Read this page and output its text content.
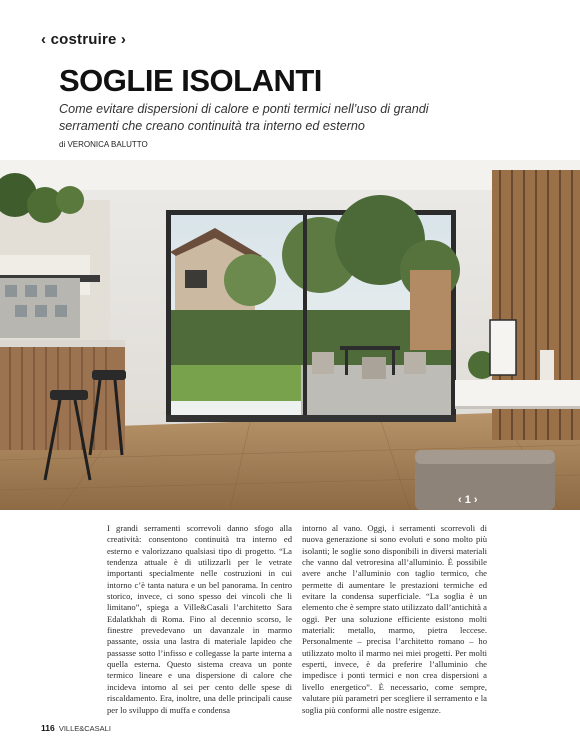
‹ costruire ›
SOGLIE ISOLANTI

Come evitare dispersioni di calore e ponti termici nell’uso di grandi serramenti che creano continuità tra interno ed esterno

di VERONICA BALUTTO
‹ 1 ›

I grandi serramenti scorrevoli danno sfogo alla creatività: consentono continuità tra interno ed esterno e valorizzano qualsiasi tipo di progetto. “La tendenza attuale è di utilizzarli per le vetrate importanti specialmente nelle costruzioni in cui intorno c’è tanta natura e un bel panorama. In centro storico, invece, ci sono spesso dei vincoli che li limitano”, spiega a Ville&Casali l’architetto Sara Edalatkhah di Roma. Fino al decennio scorso, le finestre prevedevano un davanzale in marmo passante, ossia una lastra di materiale lapideo che passasse sotto l’infisso e collegasse la parte interna a quella esterna. Questo sistema creava un ponte termico lineare e una dispersione di calore che incideva intorno al sei per cento delle spese di riscaldamento. Era, inoltre, una delle principali cause per lo sviluppo di muffa e condensa

intorno al vano. Oggi, i serramenti scorrevoli di nuova generazione si sono evoluti e sono molto più isolanti; le soglie sono disponibili in diversi materiali che vanno dal vetroresina all’alluminio. È possibile avere anche l’alluminio con taglio termico, che permette di aumentare le prestazioni termiche ed evitare la condensa superficiale. “La soglia è un elemento che è sempre stato utilizzato dall’antichità a oggi. Per una soluzione efficiente esistono molti materiali: metallo, marmo, pietra leccese. Personalmente – precisa l’architetto romano – ho utilizzato molto il marmo nei miei progetti. Per molti esperti, invece, è da preferire l’alluminio che impedisce i ponti termici e non crea dispersioni a livello energetico”. È necessario, come sempre, valutare più parametri per scegliere il serramento e la soglia più conformi alle nostre esigenze.

116 VILLE&CASALI
